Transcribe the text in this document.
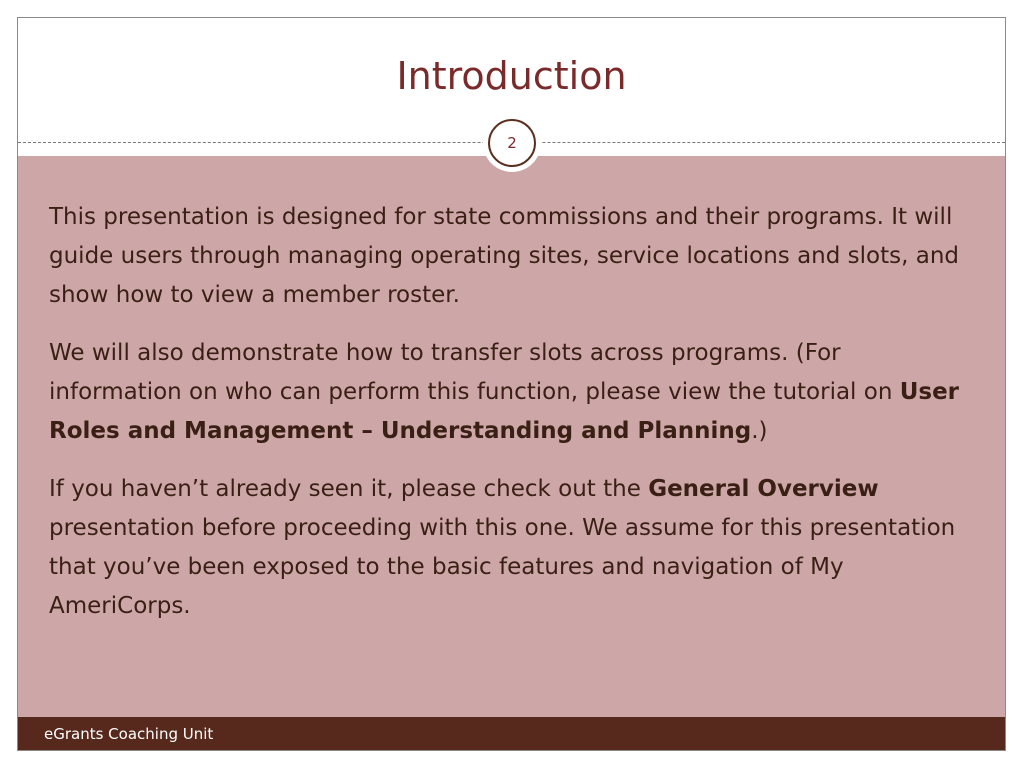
Introduction

This presentation is designed for state commissions and their programs. It will guide users through managing operating sites, service locations and slots, and show how to view a member roster.

We will also demonstrate how to transfer slots across programs. (For information on who can perform this function, please view the tutorial on User Roles and Management – Understanding and Planning.)

If you haven’t already seen it, please check out the General Overview presentation before proceeding with this one. We assume for this presentation that you’ve been exposed to the basic features and navigation of My AmeriCorps.

2
eGrants Coaching Unit
